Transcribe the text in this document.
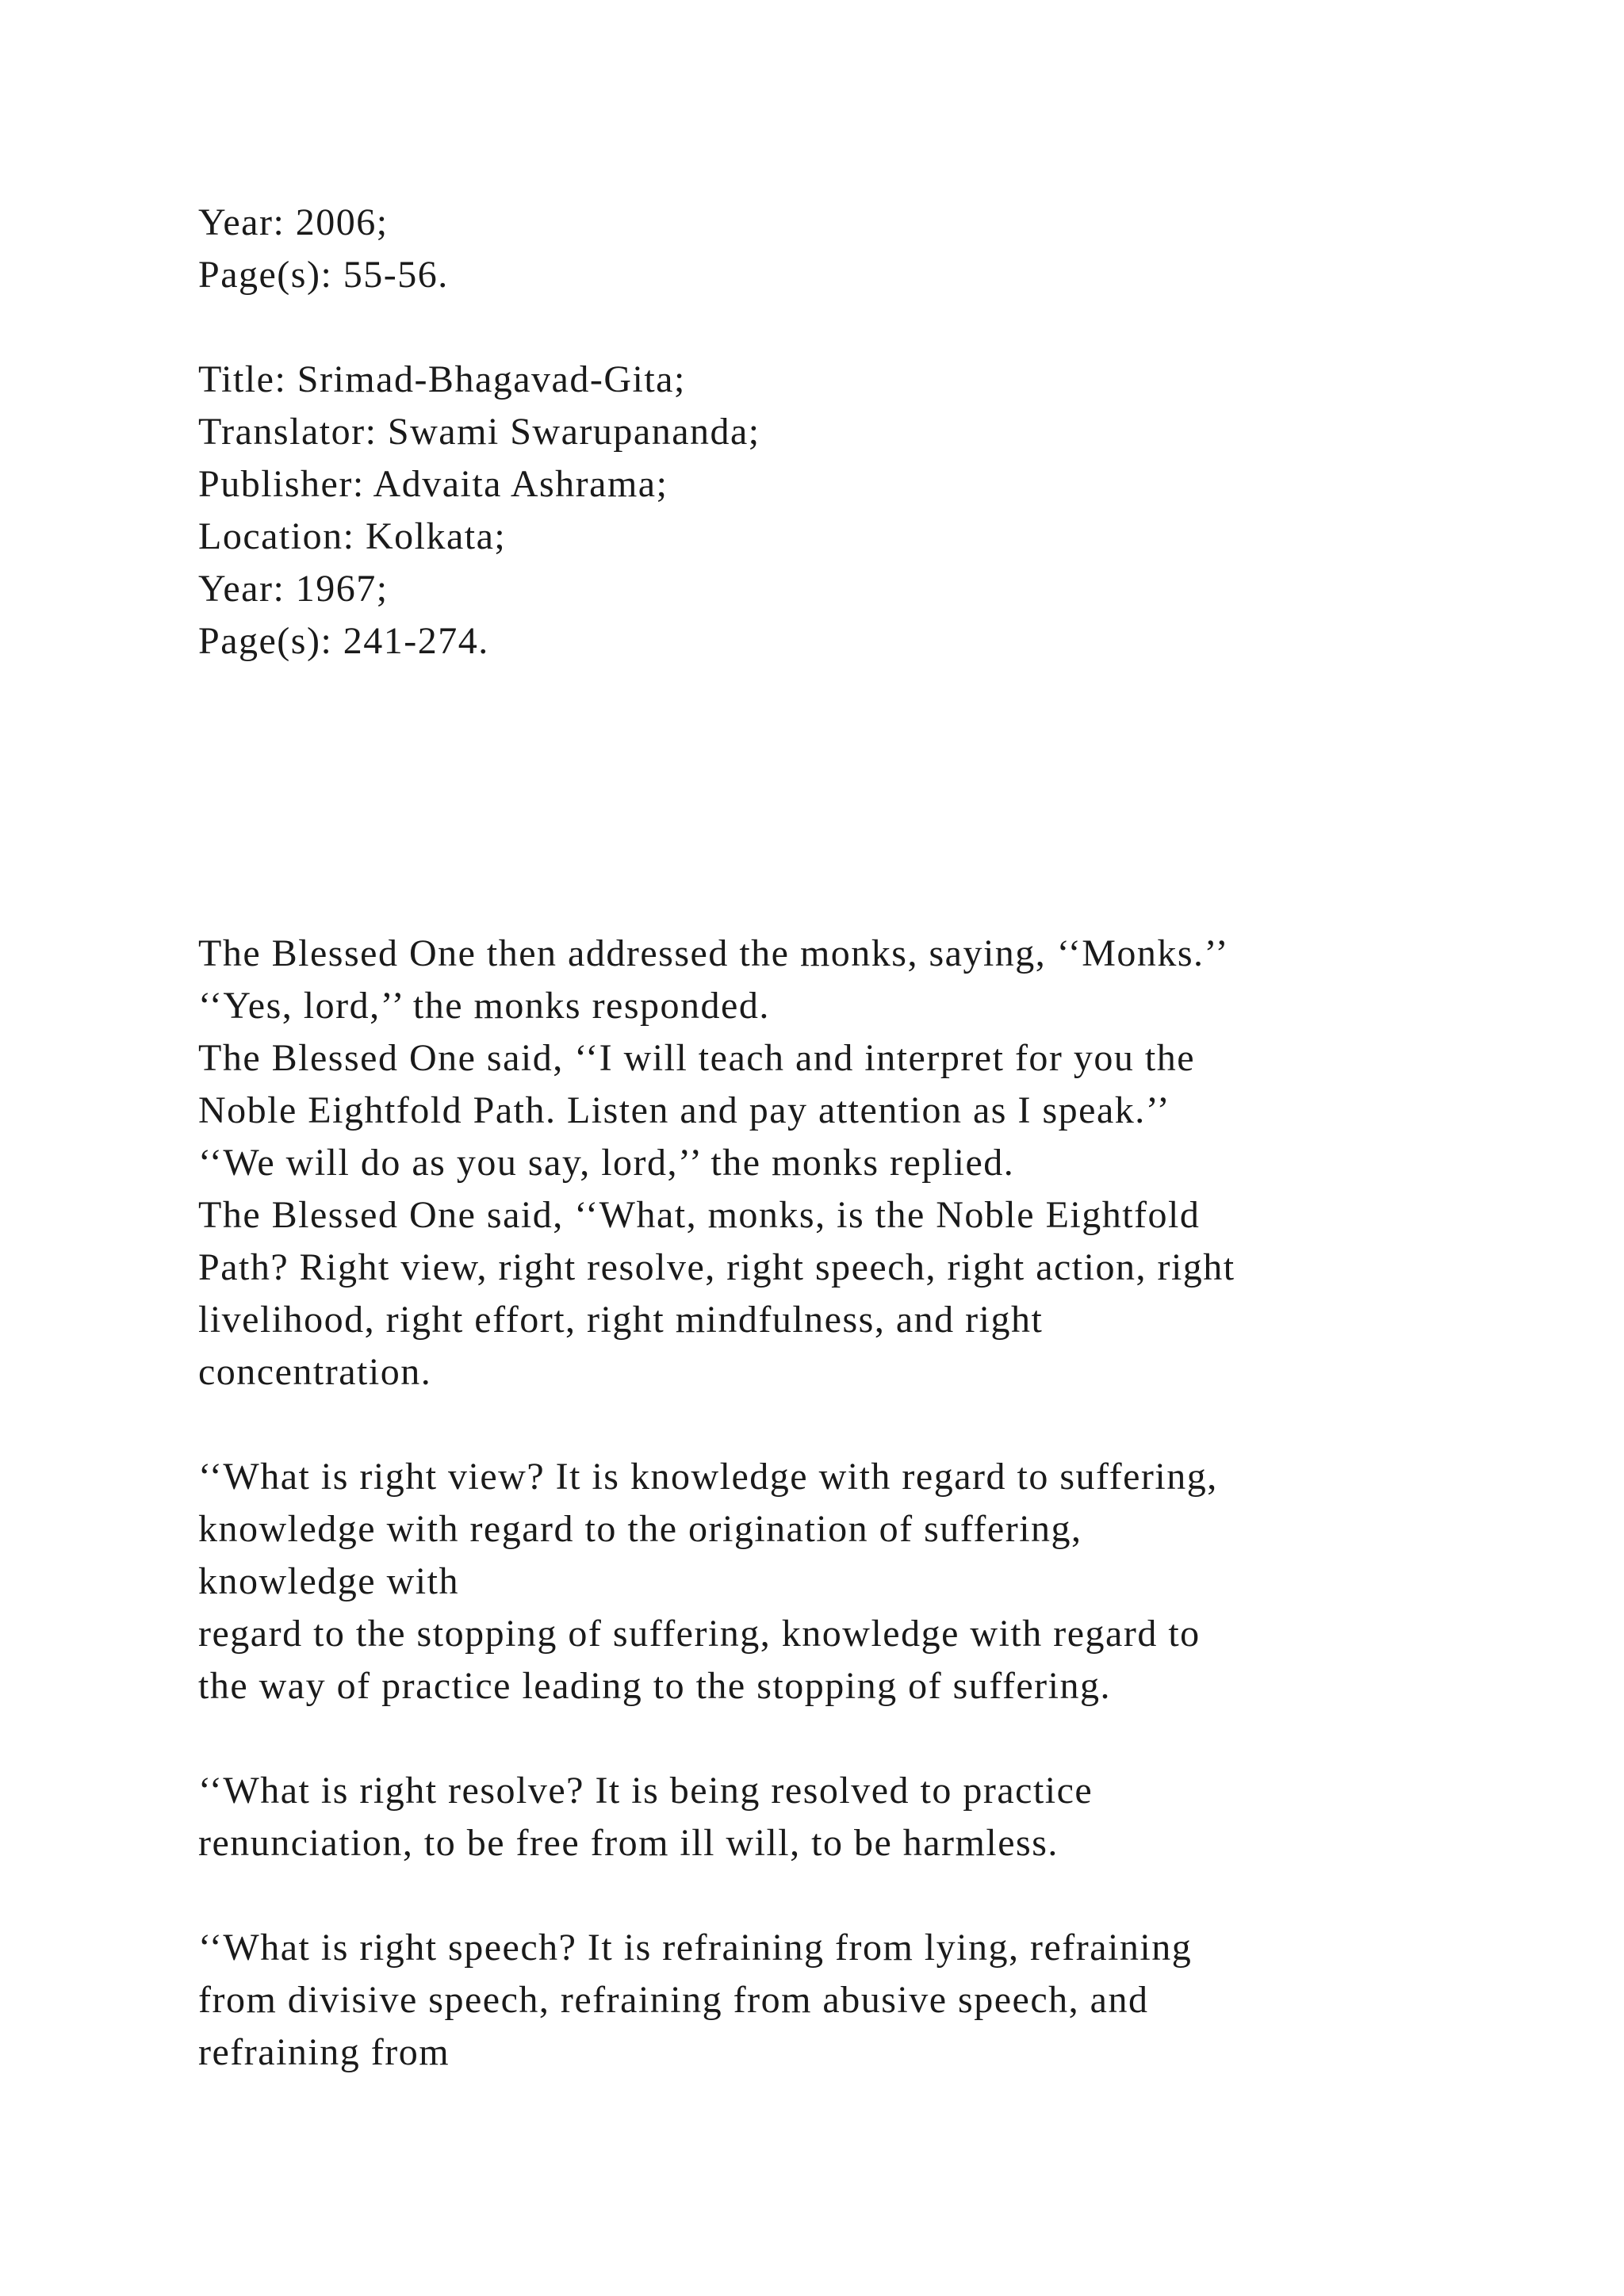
Year: 2006;
Page(s): 55-56.
Title: Srimad-Bhagavad-Gita;
Translator: Swami Swarupananda;
Publisher: Advaita Ashrama;
Location: Kolkata;
Year: 1967;
Page(s): 241-274.
The Blessed One then addressed the monks, saying, ‘‘Monks.’’
‘‘Yes, lord,’’ the monks responded.
The Blessed One said, ‘‘I will teach and interpret for you the
Noble Eightfold Path. Listen and pay attention as I speak.’’
‘‘We will do as you say, lord,’’ the monks replied.
The Blessed One said, ‘‘What, monks, is the Noble Eightfold
Path? Right view, right resolve, right speech, right action, right
livelihood, right effort, right mindfulness, and right
concentration.
‘‘What is right view? It is knowledge with regard to suffering,
knowledge with regard to the origination of suffering,
knowledge with
regard to the stopping of suffering, knowledge with regard to
the way of practice leading to the stopping of suffering.
‘‘What is right resolve? It is being resolved to practice
renunciation, to be free from ill will, to be harmless.
‘‘What is right speech? It is refraining from lying, refraining
from divisive speech, refraining from abusive speech, and
refraining from
